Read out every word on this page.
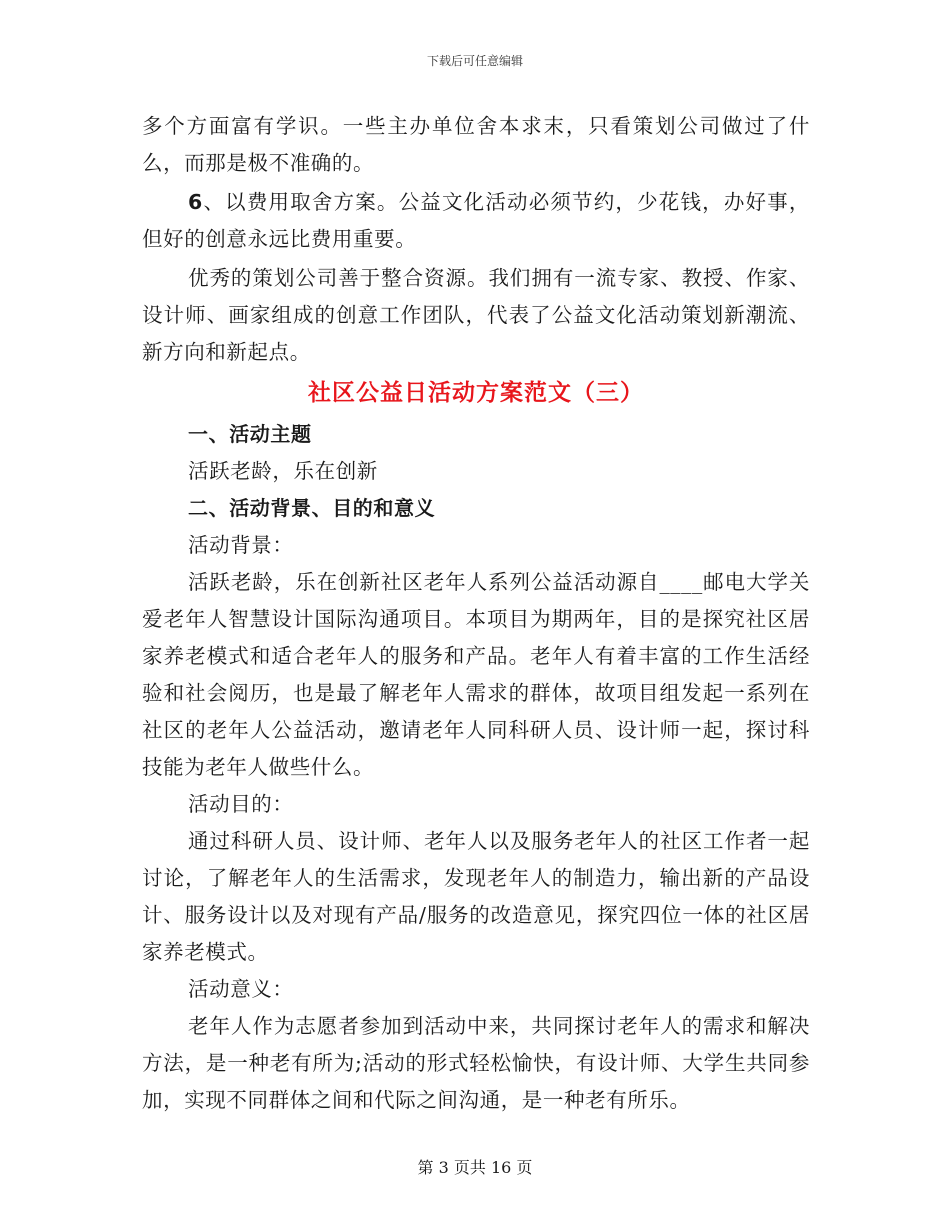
下载后可任意编辑

多个方面富有学识。一些主办单位舍本求末，只看策划公司做过了什么，而那是极不准确的。

6、以费用取舍方案。公益文化活动必须节约，少花钱，办好事，但好的创意永远比费用重要。

优秀的策划公司善于整合资源。我们拥有一流专家、教授、作家、设计师、画家组成的创意工作团队，代表了公益文化活动策划新潮流、新方向和新起点。

社区公益日活动方案范文（三）

一、活动主题

活跃老龄，乐在创新

二、活动背景、目的和意义

活动背景：

活跃老龄，乐在创新社区老年人系列公益活动源自____邮电大学关爱老年人智慧设计国际沟通项目。本项目为期两年，目的是探究社区居家养老模式和适合老年人的服务和产品。老年人有着丰富的工作生活经验和社会阅历，也是最了解老年人需求的群体，故项目组发起一系列在社区的老年人公益活动，邀请老年人同科研人员、设计师一起，探讨科技能为老年人做些什么。

活动目的：

通过科研人员、设计师、老年人以及服务老年人的社区工作者一起讨论，了解老年人的生活需求，发现老年人的制造力，输出新的产品设计、服务设计以及对现有产品/服务的改造意见，探究四位一体的社区居家养老模式。

活动意义：

老年人作为志愿者参加到活动中来，共同探讨老年人的需求和解决方法，是一种老有所为;活动的形式轻松愉快，有设计师、大学生共同参加，实现不同群体之间和代际之间沟通，是一种老有所乐。

第 3 页共 16 页
